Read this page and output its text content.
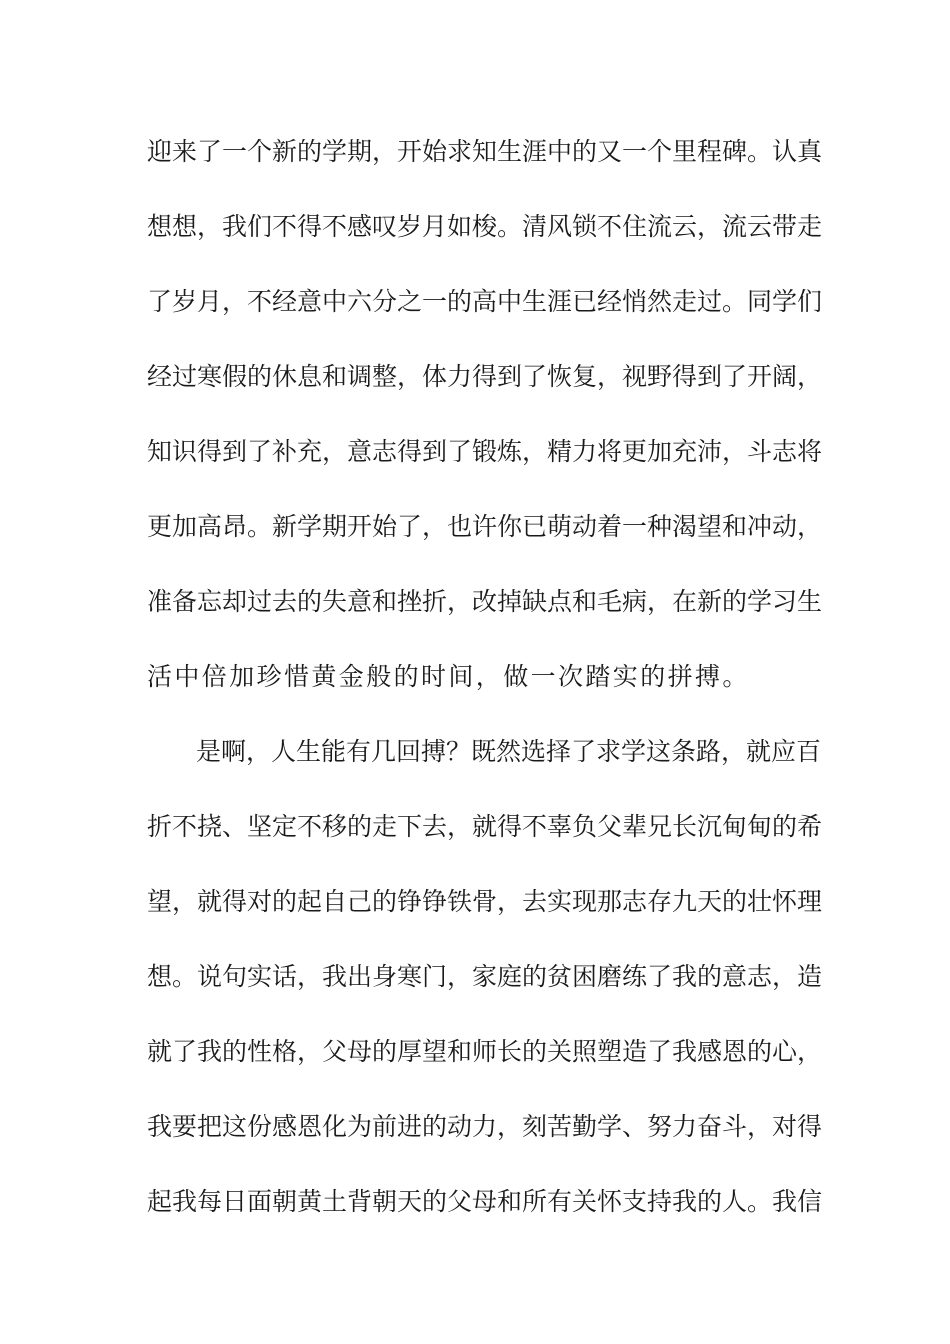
迎来了一个新的学期，开始求知生涯中的又一个里程碑。认真
想想，我们不得不感叹岁月如梭。清风锁不住流云，流云带走
了岁月，不经意中六分之一的高中生涯已经悄然走过。同学们
经过寒假的休息和调整，体力得到了恢复，视野得到了开阔，
知识得到了补充，意志得到了锻炼，精力将更加充沛，斗志将
更加高昂。新学期开始了，也许你已萌动着一种渴望和冲动，
准备忘却过去的失意和挫折，改掉缺点和毛病，在新的学习生
活中倍加珍惜黄金般的时间，做一次踏实的拼搏。
是啊，人生能有几回搏？既然选择了求学这条路，就应百
折不挠、坚定不移的走下去，就得不辜负父辈兄长沉甸甸的希
望，就得对的起自己的铮铮铁骨，去实现那志存九天的壮怀理
想。说句实话，我出身寒门，家庭的贫困磨练了我的意志，造
就了我的性格，父母的厚望和师长的关照塑造了我感恩的心，
我要把这份感恩化为前进的动力，刻苦勤学、努力奋斗，对得
起我每日面朝黄土背朝天的父母和所有关怀支持我的人。我信
